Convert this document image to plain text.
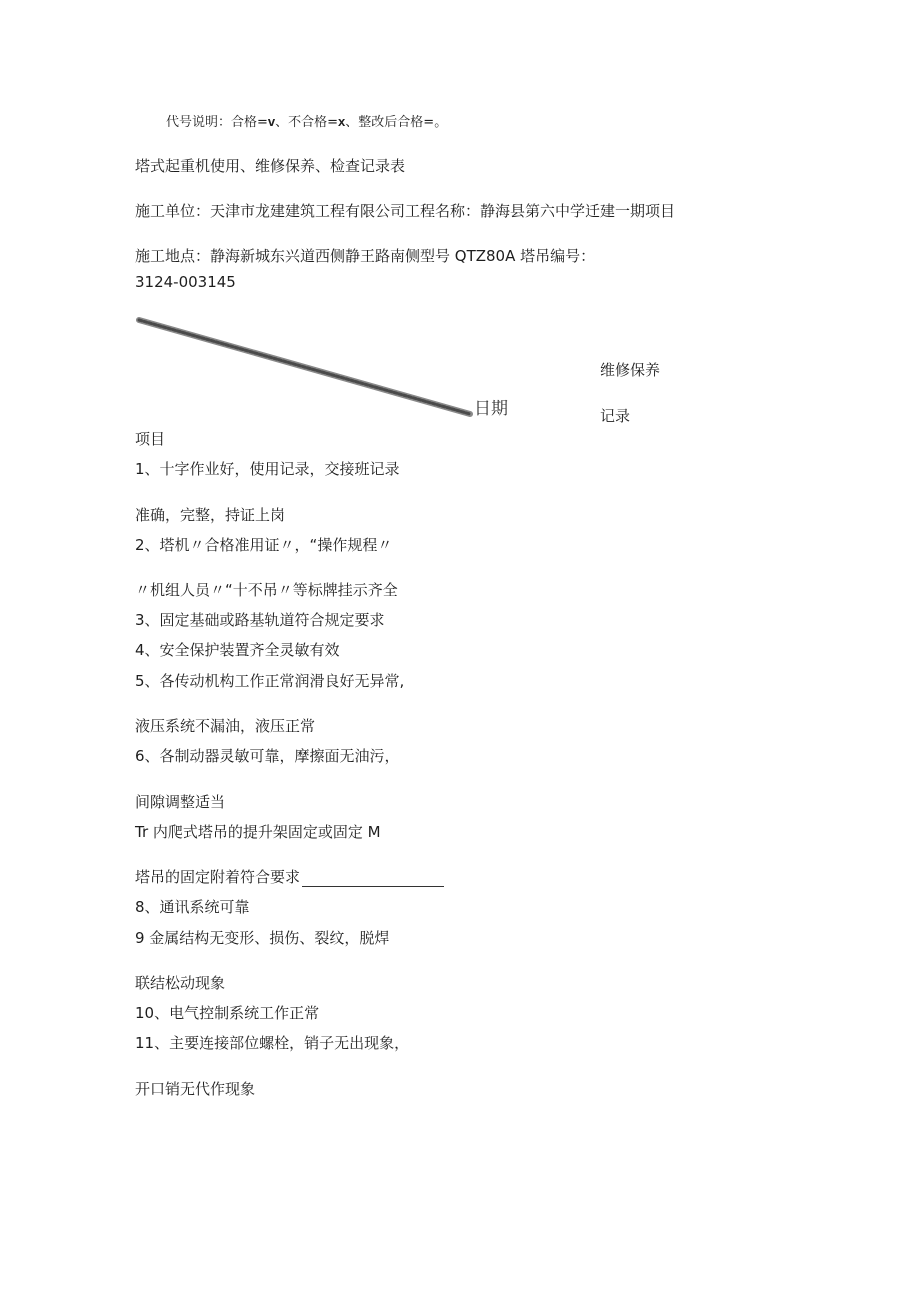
代号说明：合格=v、不合格=x、整改后合格=。
塔式起重机使用、维修保养、检查记录表
施工单位：天津市龙建建筑工程有限公司工程名称：静海县第六中学迁建一期项目
施工地点：静海新城东兴道西侧静王路南侧型号 QTZ80A 塔吊编号：
3124-003145
日期
维修保养
记录
项目
1、十字作业好，使用记录，交接班记录
准确，完整，持证上岗
2、塔机〃合格准用证〃，“操作规程〃
〃机组人员〃“十不吊〃等标牌挂示齐全
3、固定基础或路基轨道符合规定要求
4、安全保护装置齐全灵敏有效
5、各传动机构工作正常润滑良好无异常,
液压系统不漏油，液压正常
6、各制动器灵敏可靠，摩擦面无油污，
间隙调整适当
Tr 内爬式塔吊的提升架固定或固定 M
塔吊的固定附着符合要求
8、通讯系统可靠
9 金属结构无变形、损伤、裂纹，脱焊
联结松动现象
10、电气控制系统工作正常
11、主要连接部位螺栓，销子无出现象，
开口销无代作现象
